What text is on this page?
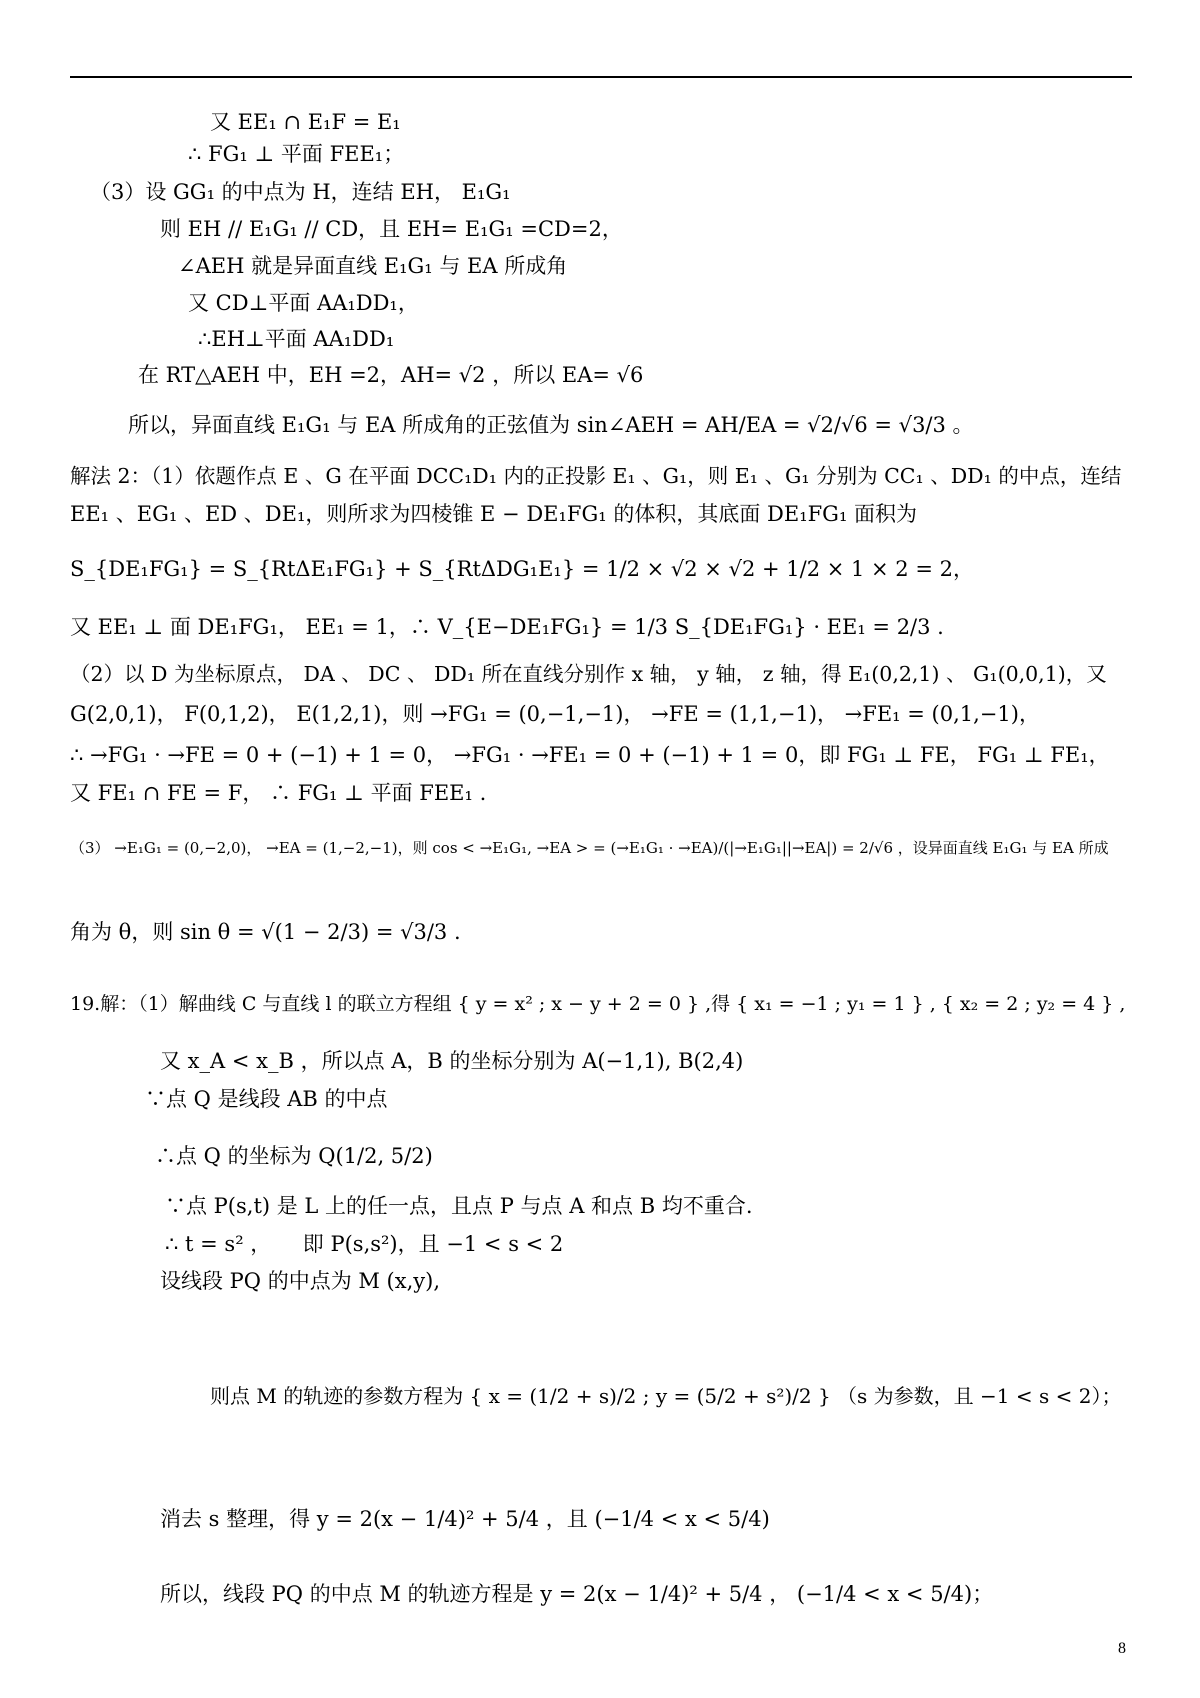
又 EE₁ ∩ E₁F = E₁
∴ FG₁ ⊥ 平面 FEE₁；
（3）设 GG₁ 的中点为 H，连结 EH， E₁G₁
则 EH // E₁G₁ // CD，且 EH= E₁G₁ =CD=2，
∠AEH 就是异面直线 E₁G₁ 与 EA 所成角
又 CD⊥平面 AA₁DD₁，
∴EH⊥平面 AA₁DD₁
在 RT△AEH 中，EH =2，AH= √2 ，所以 EA= √6
所以，异面直线 E₁G₁ 与 EA 所成角的正弦值为 sin∠AEH = AH/EA = √2/√6 = √3/3 。
解法 2：（1）依题作点 E 、G 在平面 DCC₁D₁ 内的正投影 E₁ 、G₁，则 E₁ 、G₁ 分别为 CC₁ 、DD₁ 的中点，连结
EE₁ 、EG₁ 、ED 、DE₁，则所求为四棱锥 E − DE₁FG₁ 的体积，其底面 DE₁FG₁ 面积为
S_{DE₁FG₁} = S_{RtΔE₁FG₁} + S_{RtΔDG₁E₁} = 1/2 × √2 × √2 + 1/2 × 1 × 2 = 2，
又 EE₁ ⊥ 面 DE₁FG₁， EE₁ = 1，∴ V_{E−DE₁FG₁} = 1/3 S_{DE₁FG₁} · EE₁ = 2/3 .
（2）以 D 为坐标原点， DA 、 DC 、 DD₁ 所在直线分别作 x 轴， y 轴， z 轴，得 E₁(0,2,1) 、 G₁(0,0,1)，又
G(2,0,1)， F(0,1,2)， E(1,2,1)，则 →FG₁ = (0,−1,−1)， →FE = (1,1,−1)， →FE₁ = (0,1,−1)，
∴ →FG₁ · →FE = 0 + (−1) + 1 = 0， →FG₁ · →FE₁ = 0 + (−1) + 1 = 0，即 FG₁ ⊥ FE， FG₁ ⊥ FE₁，
又 FE₁ ∩ FE = F， ∴ FG₁ ⊥ 平面 FEE₁ .
（3） →E₁G₁ = (0,−2,0)， →EA = (1,−2,−1)，则 cos < →E₁G₁, →EA > = (→E₁G₁ · →EA)/(|→E₁G₁||→EA|) = 2/√6 ，设异面直线 E₁G₁ 与 EA 所成
角为 θ，则 sin θ = √(1 − 2/3) = √3/3 .
19.解：（1）解曲线 C 与直线 l 的联立方程组 { y = x² ; x − y + 2 = 0 } ,得 { x₁ = −1 ; y₁ = 1 } , { x₂ = 2 ; y₂ = 4 } ,
又 x_A < x_B ，所以点 A，B 的坐标分别为 A(−1,1), B(2,4)
∵点 Q 是线段 AB 的中点
∴点 Q 的坐标为 Q(1/2, 5/2)
∵点 P(s,t) 是 L 上的任一点，且点 P 与点 A 和点 B 均不重合.
∴ t = s² ，　　即 P(s,s²)，且 −1 < s < 2
设线段 PQ 的中点为 M (x,y),
则点 M 的轨迹的参数方程为 { x = (1/2 + s)/2 ; y = (5/2 + s²)/2 } （s 为参数，且 −1 < s < 2）；
消去 s 整理，得 y = 2(x − 1/4)² + 5/4 ，且 (−1/4 < x < 5/4)
所以，线段 PQ 的中点 M 的轨迹方程是 y = 2(x − 1/4)² + 5/4 ， (−1/4 < x < 5/4)；
8
